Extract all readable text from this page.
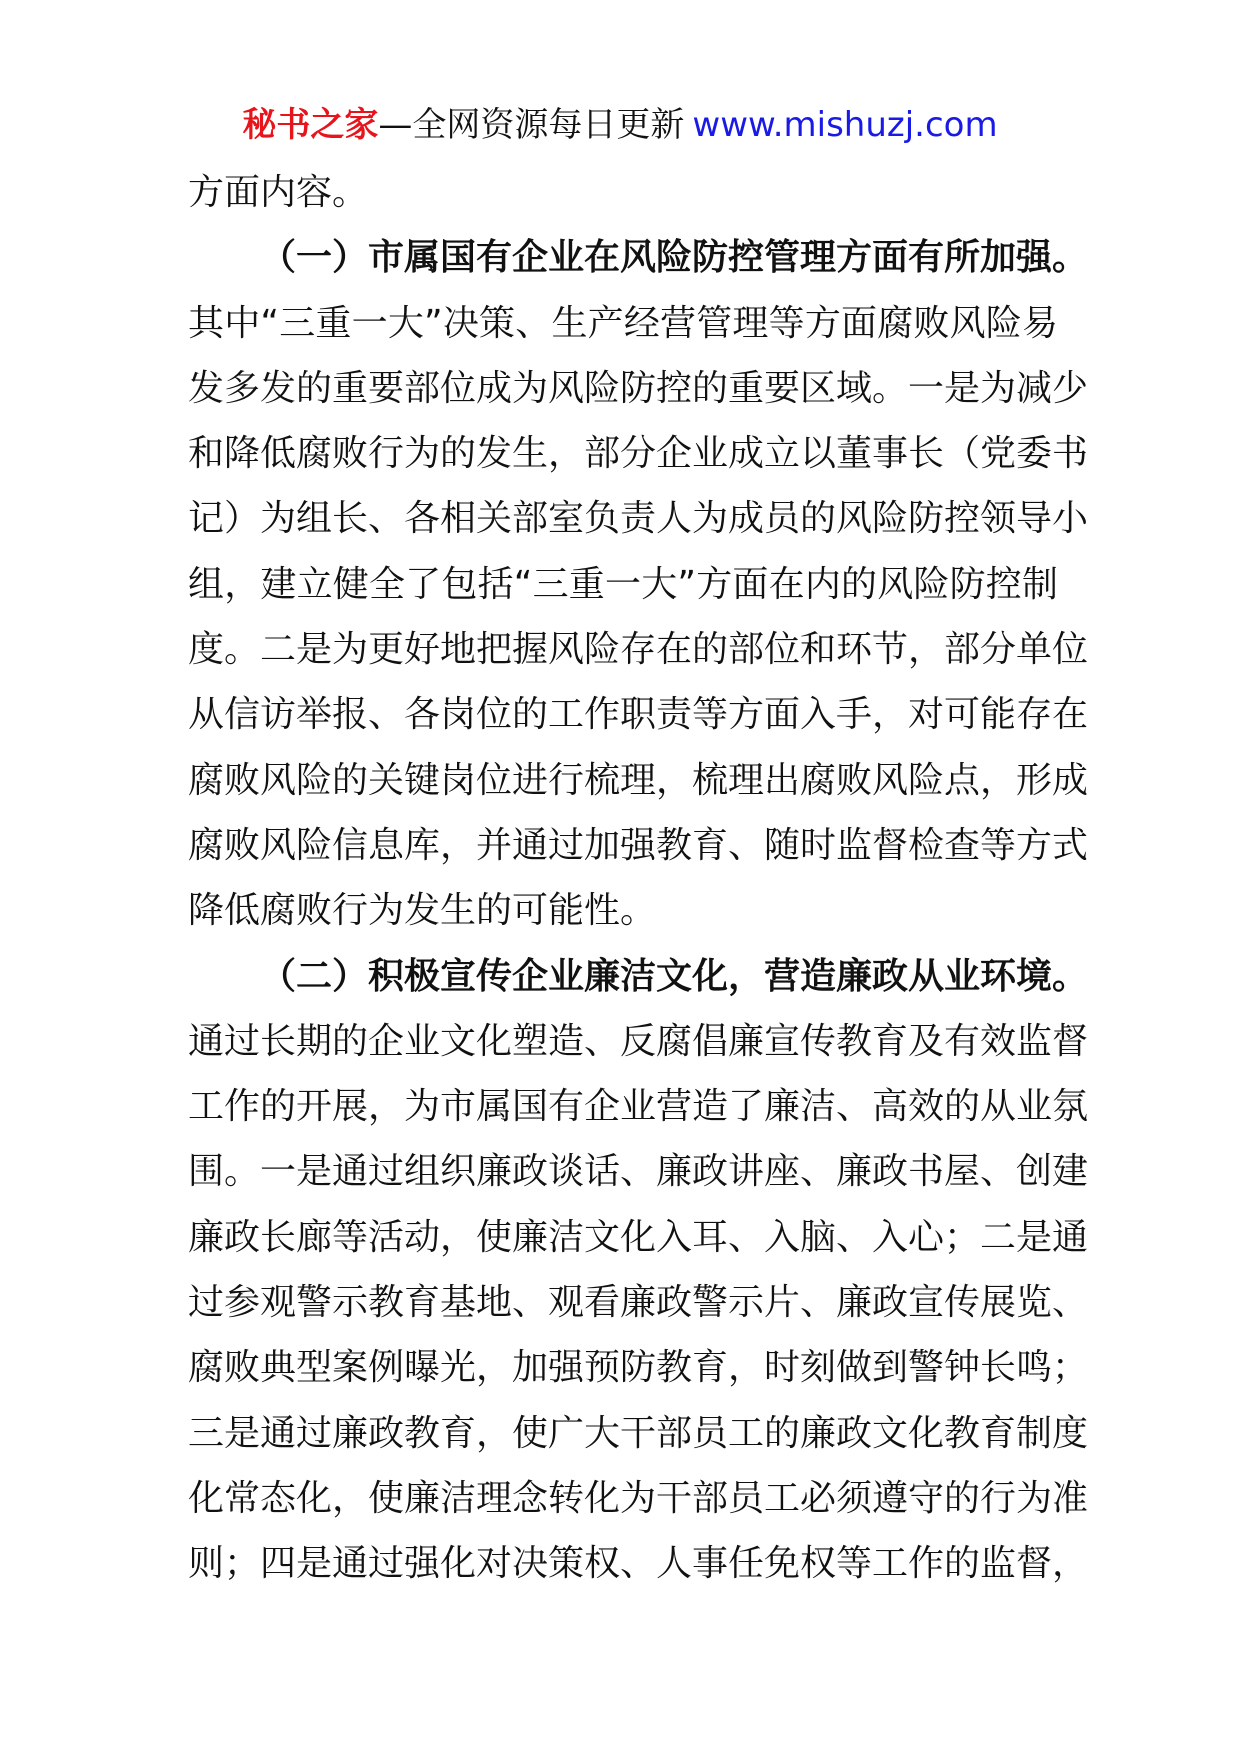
秘书之家—全网资源每日更新 www.mishuzj.com
方面内容。
（一）市属国有企业在风险防控管理方面有所加强。
其中“三重一大”决策、生产经营管理等方面腐败风险易
发多发的重要部位成为风险防控的重要区域。一是为减少
和降低腐败行为的发生，部分企业成立以董事长（党委书
记）为组长、各相关部室负责人为成员的风险防控领导小
组，建立健全了包括“三重一大”方面在内的风险防控制
度。二是为更好地把握风险存在的部位和环节，部分单位
从信访举报、各岗位的工作职责等方面入手，对可能存在
腐败风险的关键岗位进行梳理，梳理出腐败风险点，形成
腐败风险信息库，并通过加强教育、随时监督检查等方式
降低腐败行为发生的可能性。
（二）积极宣传企业廉洁文化，营造廉政从业环境。
通过长期的企业文化塑造、反腐倡廉宣传教育及有效监督
工作的开展，为市属国有企业营造了廉洁、高效的从业氛
围。一是通过组织廉政谈话、廉政讲座、廉政书屋、创建
廉政长廊等活动，使廉洁文化入耳、入脑、入心；二是通
过参观警示教育基地、观看廉政警示片、廉政宣传展览、
腐败典型案例曝光，加强预防教育，时刻做到警钟长鸣；
三是通过廉政教育，使广大干部员工的廉政文化教育制度
化常态化，使廉洁理念转化为干部员工必须遵守的行为准
则；四是通过强化对决策权、人事任免权等工作的监督，
